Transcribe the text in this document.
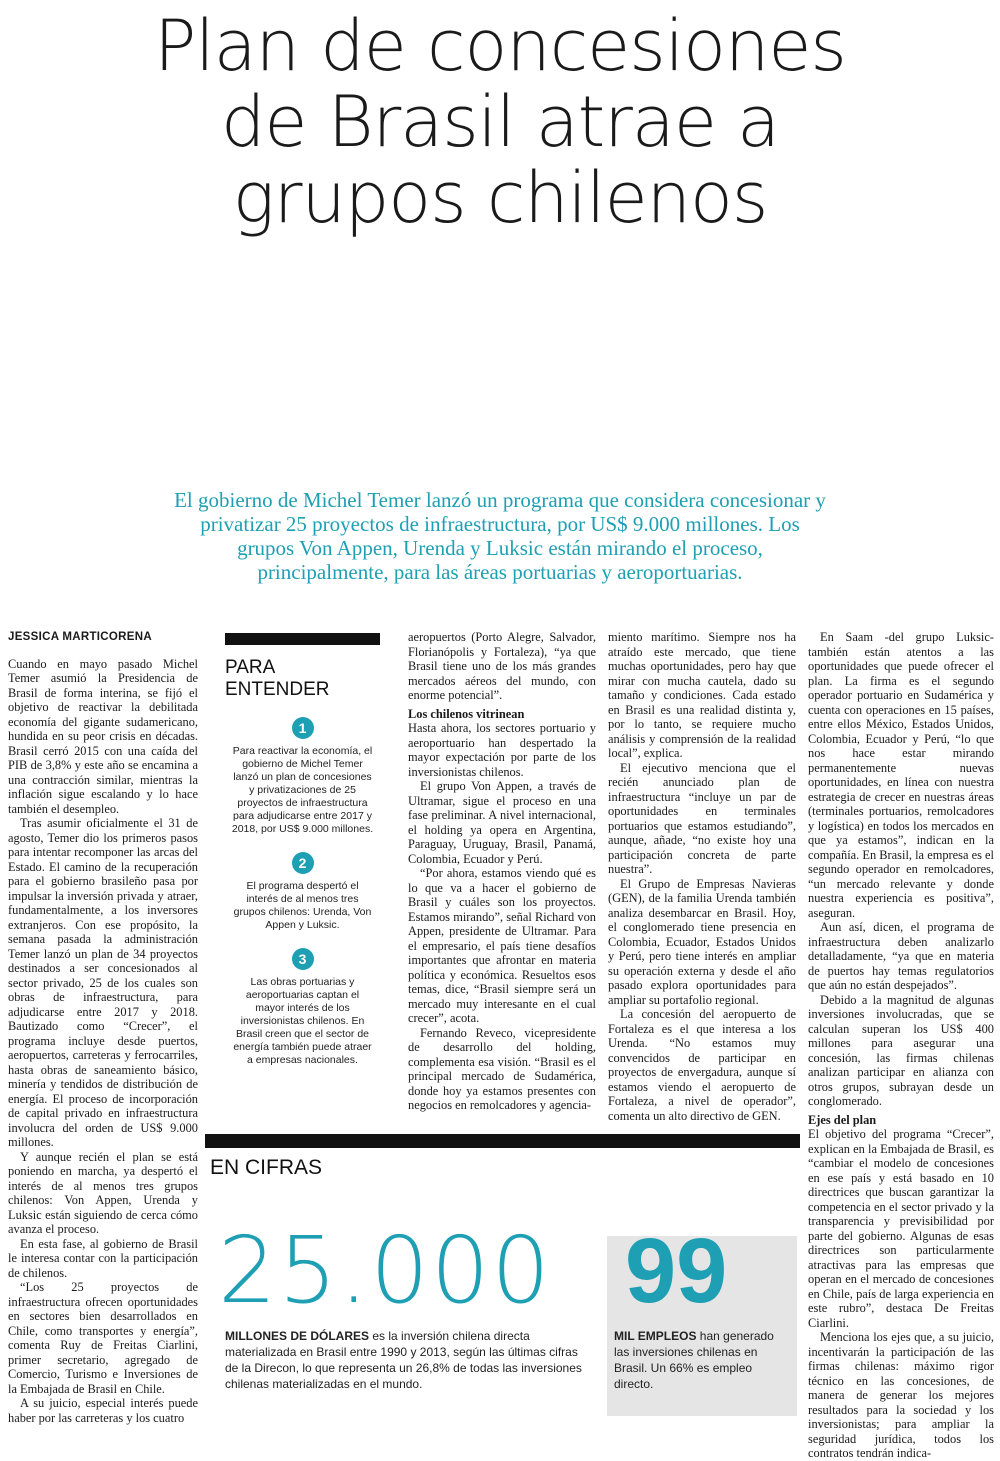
Plan de concesiones
de Brasil atrae a
grupos chilenos
El gobierno de Michel Temer lanzó un programa que considera concesionar y privatizar 25 proyectos de infraestructura, por US$ 9.000 millones. Los grupos Von Appen, Urenda y Luksic están mirando el proceso, principalmente, para las áreas portuarias y aeroportuarias.
JESSICA MARTICORENA

Cuando en mayo pasado Michel Temer asumió la Presidencia de Brasil de forma interina, se fijó el objetivo de reactivar la debilitada economía del gigante sudamericano, hundida en su peor crisis en décadas. Brasil cerró 2015 con una caída del PIB de 3,8% y este año se encamina a una contracción similar, mientras la inflación sigue escalando y lo hace también el desempleo.

Tras asumir oficialmente el 31 de agosto, Temer dio los primeros pasos para intentar recomponer las arcas del Estado. El camino de la recuperación para el gobierno brasileño pasa por impulsar la inversión privada y atraer, fundamentalmente, a los inversores extranjeros. Con ese propósito, la semana pasada la administración Temer lanzó un plan de 34 proyectos destinados a ser concesionados al sector privado, 25 de los cuales son obras de infraestructura, para adjudicarse entre 2017 y 2018. Bautizado como “Crecer”, el programa incluye desde puertos, aeropuertos, carreteras y ferrocarriles, hasta obras de saneamiento básico, minería y tendidos de distribución de energía. El proceso de incorporación de capital privado en infraestructura involucra del orden de US$ 9.000 millones.

Y aunque recién el plan se está poniendo en marcha, ya despertó el interés de al menos tres grupos chilenos: Von Appen, Urenda y Luksic están siguiendo de cerca cómo avanza el proceso.

En esta fase, al gobierno de Brasil le interesa contar con la participación de chilenos.

“Los 25 proyectos de infraestructura ofrecen oportunidades en sectores bien desarrollados en Chile, como transportes y energía”, comenta Ruy de Freitas Ciarlini, primer secretario, agregado de Comercio, Turismo e Inversiones de la Embajada de Brasil en Chile.

A su juicio, especial interés puede haber por las carreteras y los cuatro

PARA ENTENDER
1
Para reactivar la economía, el gobierno de Michel Temer lanzó un plan de concesiones y privatizaciones de 25 proyectos de infraestructura para adjudicarse entre 2017 y 2018, por US$ 9.000 millones.
2
El programa despertó el interés de al menos tres grupos chilenos: Urenda, Von Appen y Luksic.
3
Las obras portuarias y aeroportuarias captan el mayor interés de los inversionistas chilenos. En Brasil creen que el sector de energía también puede atraer a empresas nacionales.

aeropuertos (Porto Alegre, Salvador, Florianópolis y Fortaleza), “ya que Brasil tiene uno de los más grandes mercados aéreos del mundo, con enorme potencial”.

Los chilenos vitrinean

Hasta ahora, los sectores portuario y aeroportuario han despertado la mayor expectación por parte de los inversionistas chilenos.

El grupo Von Appen, a través de Ultramar, sigue el proceso en una fase preliminar. A nivel internacional, el holding ya opera en Argentina, Paraguay, Uruguay, Brasil, Panamá, Colombia, Ecuador y Perú.

“Por ahora, estamos viendo qué es lo que va a hacer el gobierno de Brasil y cuáles son los proyectos. Estamos mirando”, señal Richard von Appen, presidente de Ultramar. Para el empresario, el país tiene desafíos importantes que afrontar en materia política y económica. Resueltos esos temas, dice, “Brasil siempre será un mercado muy interesante en el cual crecer”, acota.

Fernando Reveco, vicepresidente de desarrollo del holding, complementa esa visión. “Brasil es el principal mercado de Sudamérica, donde hoy ya estamos presentes con negocios en remolcadores y agencia-

miento marítimo. Siempre nos ha atraído este mercado, que tiene muchas oportunidades, pero hay que mirar con mucha cautela, dado su tamaño y condiciones. Cada estado en Brasil es una realidad distinta y, por lo tanto, se requiere mucho análisis y comprensión de la realidad local”, explica.

El ejecutivo menciona que el recién anunciado plan de infraestructura “incluye un par de oportunidades en terminales portuarios que estamos estudiando”, aunque, añade, “no existe hoy una participación concreta de parte nuestra”.

El Grupo de Empresas Navieras (GEN), de la familia Urenda también analiza desembarcar en Brasil. Hoy, el conglomerado tiene presencia en Colombia, Ecuador, Estados Unidos y Perú, pero tiene interés en ampliar su operación externa y desde el año pasado explora oportunidades para ampliar su portafolio regional.

La concesión del aeropuerto de Fortaleza es el que interesa a los Urenda. “No estamos muy convencidos de participar en proyectos de envergadura, aunque sí estamos viendo el aeropuerto de Fortaleza, a nivel de operador”, comenta un alto directivo de GEN.

En Saam -del grupo Luksic- también están atentos a las oportunidades que puede ofrecer el plan. La firma es el segundo operador portuario en Sudamérica y cuenta con operaciones en 15 países, entre ellos México, Estados Unidos, Colombia, Ecuador y Perú, “lo que nos hace estar mirando permanentemente nuevas oportunidades, en línea con nuestra estrategia de crecer en nuestras áreas (terminales portuarios, remolcadores y logística) en todos los mercados en que ya estamos”, indican en la compañía. En Brasil, la empresa es el segundo operador en remolcadores, “un mercado relevante y donde nuestra experiencia es positiva”, aseguran.

Aun así, dicen, el programa de infraestructura deben analizarlo detalladamente, “ya que en materia de puertos hay temas regulatorios que aún no están despejados”.

Debido a la magnitud de algunas inversiones involucradas, que se calculan superan los US$ 400 millones para asegurar una concesión, las firmas chilenas analizan participar en alianza con otros grupos, subrayan desde un conglomerado.

Ejes del plan

El objetivo del programa “Crecer”, explican en la Embajada de Brasil, es “cambiar el modelo de concesiones en ese país y está basado en 10 directrices que buscan garantizar la competencia en el sector privado y la transparencia y previsibilidad por parte del gobierno. Algunas de esas directrices son particularmente atractivas para las empresas que operan en el mercado de concesiones en Chile, país de larga experiencia en este rubro”, destaca De Freitas Ciarlini.

Menciona los ejes que, a su juicio, incentivarán la participación de las firmas chilenas: máximo rigor técnico en las concesiones, de manera de generar los mejores resultados para la sociedad y los inversionistas; para ampliar la seguridad jurídica, todos los contratos tendrán indica-

EN CIFRAS
25.000
MILLONES DE DÓLARES es la inversión chilena directa materializada en Brasil entre 1990 y 2013, según las últimas cifras de la Direcon, lo que representa un 26,8% de todas las inversiones chilenas materializadas en el mundo.
99
MIL EMPLEOS han generado las inversiones chilenas en Brasil. Un 66% es empleo directo.
